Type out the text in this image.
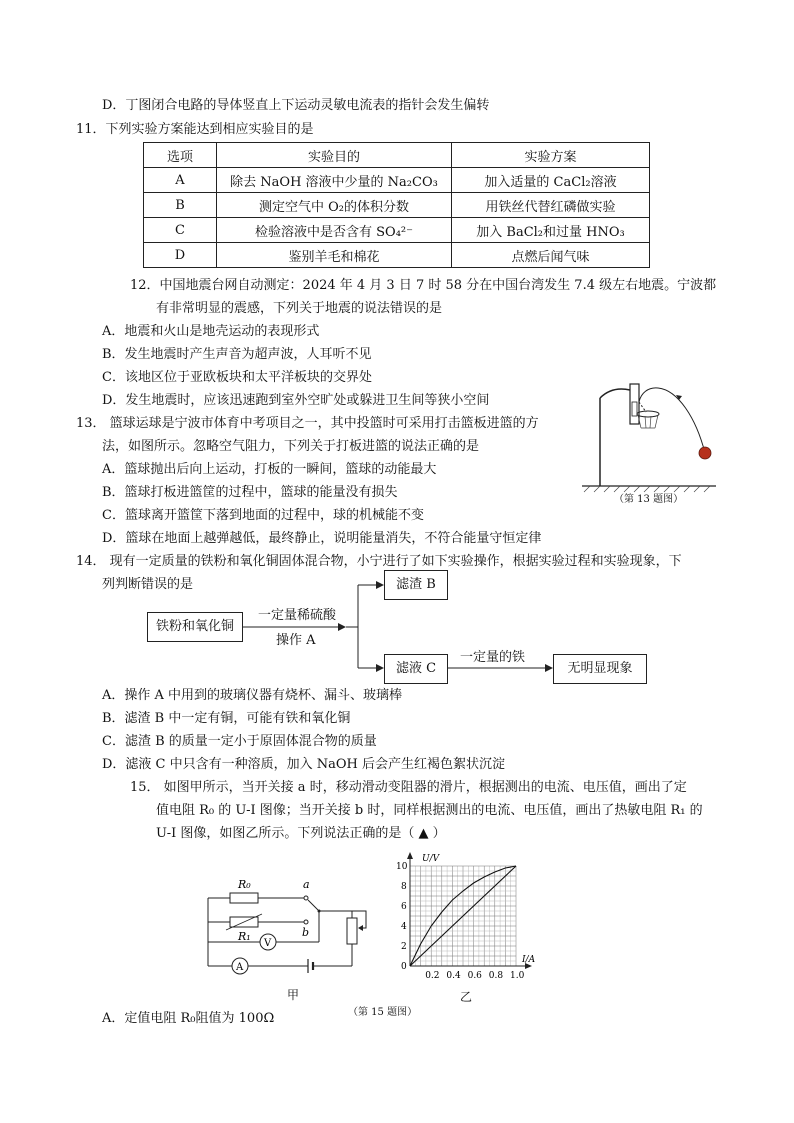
D．丁图闭合电路的导体竖直上下运动灵敏电流表的指针会发生偏转
11．下列实验方案能达到相应实验目的是
选项	实验目的	实验方案
A	除去 NaOH 溶液中少量的 Na₂CO₃	加入适量的 CaCl₂溶液
B	测定空气中 O₂的体积分数	用铁丝代替红磷做实验
C	检验溶液中是否含有 SO₄²⁻	加入 BaCl₂和过量 HNO₃
D	鉴别羊毛和棉花	点燃后闻气味
12．中国地震台网自动测定：2024 年 4 月 3 日 7 时 58 分在中国台湾发生 7.4 级左右地震。宁波都
有非常明显的震感，下列关于地震的说法错误的是
A．地震和火山是地壳运动的表现形式
B．发生地震时产生声音为超声波，人耳听不见
C．该地区位于亚欧板块和太平洋板块的交界处
D．发生地震时，应该迅速跑到室外空旷处或躲进卫生间等狭小空间
13． 篮球运球是宁波市体育中考项目之一，其中投篮时可采用打击篮板进篮的方
法，如图所示。忽略空气阻力，下列关于打板进篮的说法正确的是
A．篮球抛出后向上运动，打板的一瞬间，篮球的动能最大
B．篮球打板进篮筐的过程中，篮球的能量没有损失
C．篮球离开篮筐下落到地面的过程中，球的机械能不变
D．篮球在地面上越弹越低，最终静止，说明能量消失，不符合能量守恒定律
（第 13 题图）
14． 现有一定质量的铁粉和氧化铜固体混合物，小宁进行了如下实验操作，根据实验过程和实验现象，下
列判断错误的是
铁粉和氧化铜
一定量稀硫酸
操作 A
滤渣 B
滤液 C
一定量的铁
无明显现象
A．操作 A 中用到的玻璃仪器有烧杯、漏斗、玻璃棒
B．滤渣 B 中一定有铜，可能有铁和氧化铜
C．滤渣 B 的质量一定小于原固体混合物的质量
D．滤液 C 中只含有一种溶质，加入 NaOH 后会产生红褐色絮状沉淀
15． 如图甲所示，当开关接 a 时，移动滑动变阻器的滑片，根据测出的电流、电压值，画出了定
值电阻 R₀ 的 U-I 图像；当开关接 b 时，同样根据测出的电流、电压值，画出了热敏电阻 R₁ 的
U-I 图像，如图乙所示。下列说法正确的是（ ▲ ）
R₀	a
R₁	b
V
A
甲
U/V
I/A
0.2 0.4 0.6 0.8 1.0
0
2
4
6
8
10
乙
（第 15 题图）
A．定值电阻 R₀阻值为 100Ω
